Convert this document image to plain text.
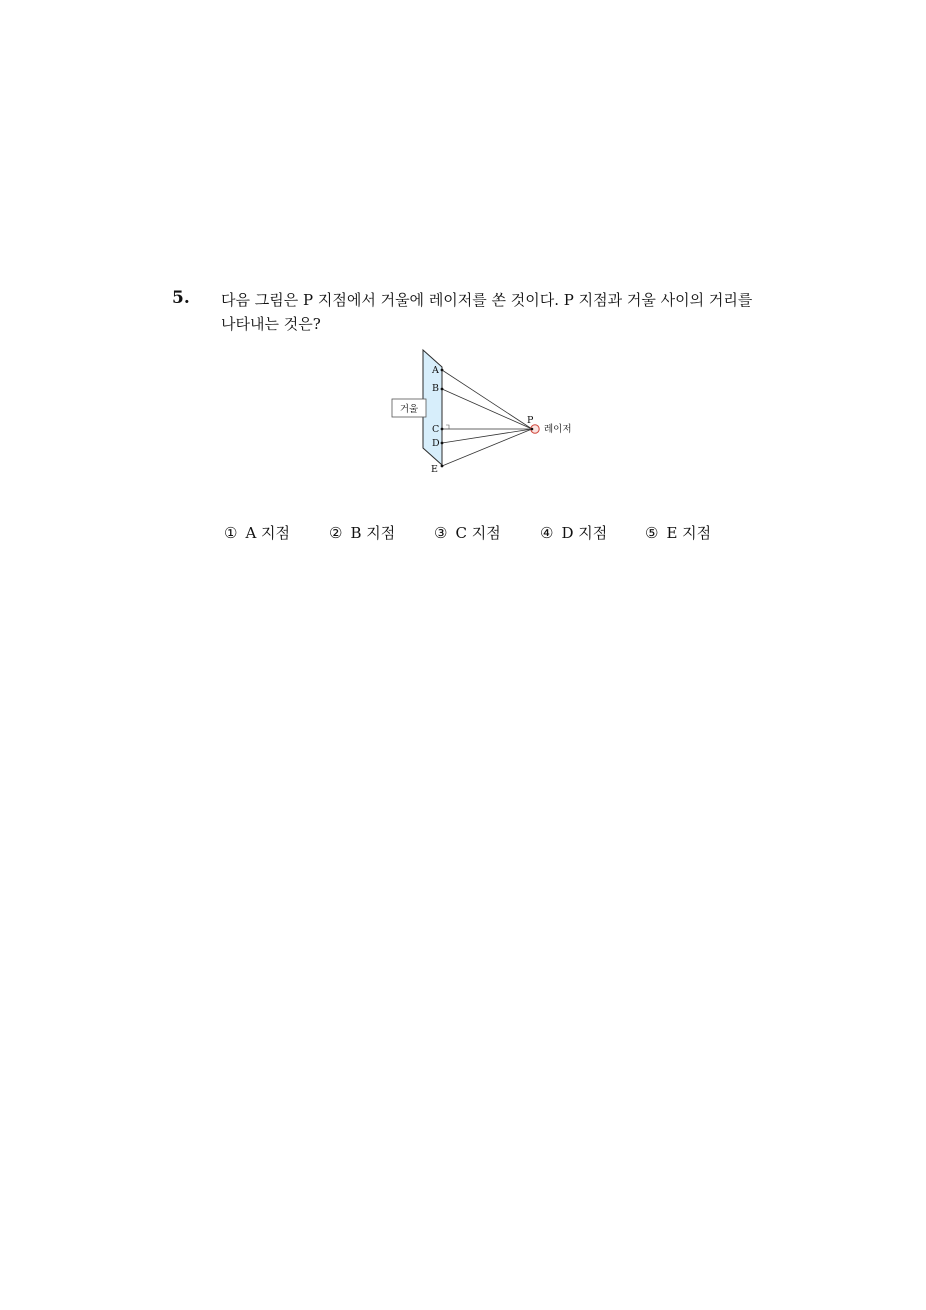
5. 다음 그림은 P 지점에서 거울에 레이저를 쏜 것이다. P 지점과 거울 사이의 거리를
나타내는 것은?
거울
A
B
C
D
E
P
레이저
① A 지점	② B 지점	③ C 지점	④ D 지점	⑤ E 지점
